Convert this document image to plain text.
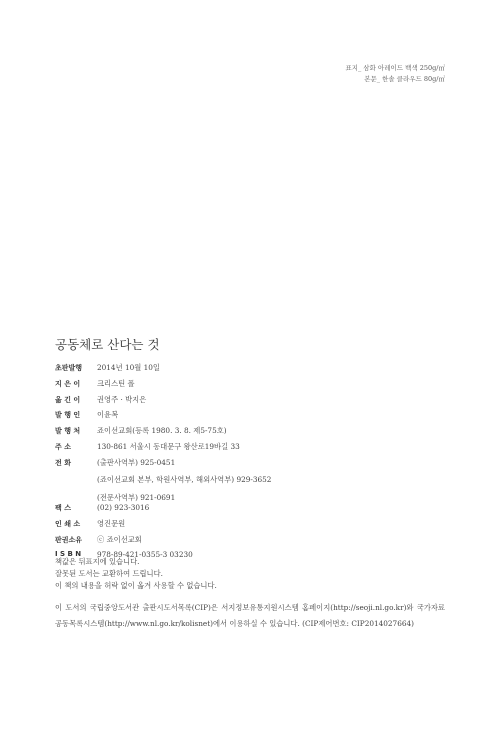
표지_ 삼화 아레이드 백색 250g/㎡
본문_ 한솔 클라우드 80g/㎡
공동체로 산다는 것
초판발행	2014년 10월 10일

지 은 이	크리스틴 폴

옮 긴 이	권영주 · 박지은

발 행 인	이윤복

발 행 처	죠이선교회(등록 1980. 3. 8. 제5-75호)

주 소	130-861 서울시 동대문구 왕산로19바길 33

전 화	(출판사역부) 925-0451
(죠이선교회 본부, 학원사역부, 해외사역부) 929-3652
(전문사역부) 921-0691

팩 스	(02) 923-3016

인 쇄 소	영진문원

판권소유	ⓒ 죠이선교회

I S B N	978-89-421-0355-3 03230
책값은 뒤표지에 있습니다.
잘못된 도서는 교환하여 드립니다.
이 책의 내용을 허락 없이 옮겨 사용할 수 없습니다.
이 도서의 국립중앙도서관 출판시도서목록(CIP)은 서지정보유통지원시스템 홈페이지(http://seoji.nl.go.kr)와 국가자료공동목록시스템(http://www.nl.go.kr/kolisnet)에서 이용하실 수 있습니다. (CIP제어번호: CIP2014027664)
